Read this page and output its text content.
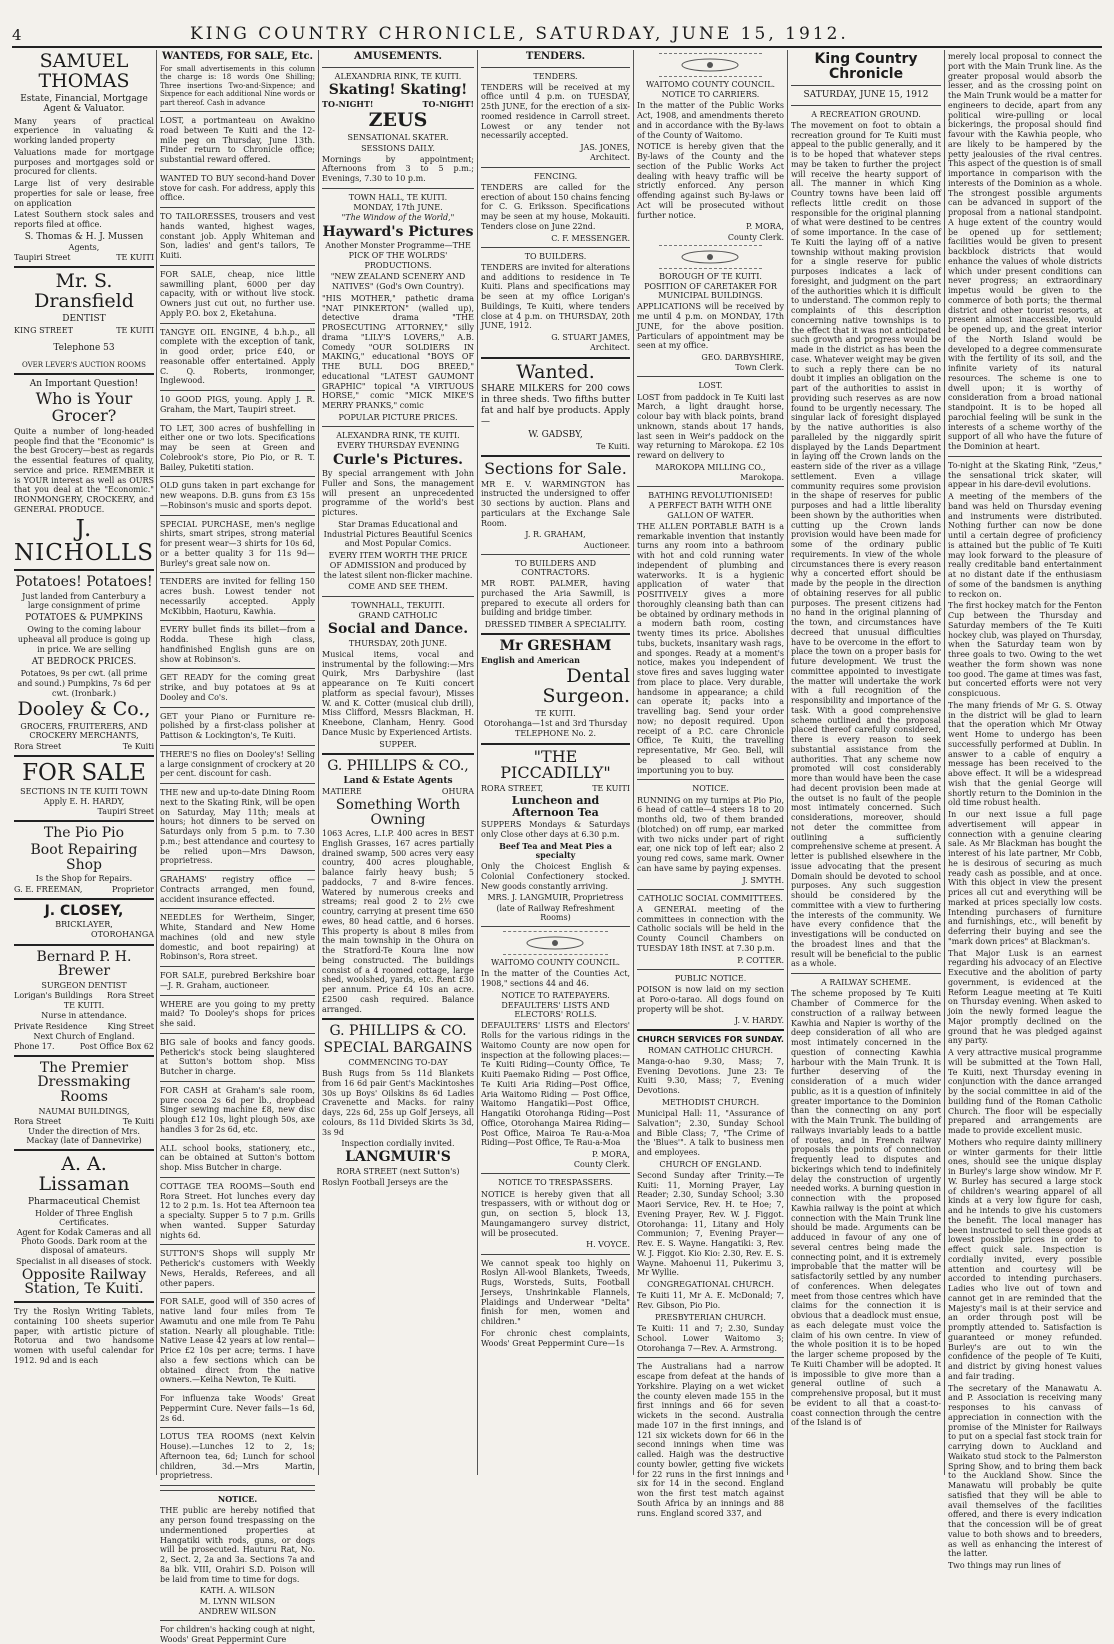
4	KING COUNTRY CHRONICLE, SATURDAY, JUNE 15, 1912.
SAMUEL THOMAS
Estate, Financial, Mortgage Agent & Valuator.
Many years of practical experience in valuating & working landed property
Valuations made for mortgage purposes and mortgages sold or procured for clients.
Large list of very desirable properties for sale or lease, free on application
Latest Southern stock sales and reports filed at office.
S. Thomas & H. J. Mussen
Agents,
Taupiri Street	TE KUITI
Mr. S. Dransfield
DENTIST
KING STREET	TE KUITI
Telephone 53
OVER LEVER'S AUCTION ROOMS
An Important Question!
Who is Your Grocer?
Quite a number of long-headed people find that the "Economic" is the best Grocery—best as regards the essential features of quality, service and price. REMEMBER it is YOUR interest as well as OURS that you deal at the "Economic." IRONMONGERY, CROCKERY, and GENERAL PRODUCE.
J. NICHOLLS
Potatoes! Potatoes!
Just landed from Canterbury a large consignment of prime
POTATOES & PUMPKINS
Owing to the coming labour upheaval all produce is going up in price. We are selling
AT BEDROCK PRICES.
Potatoes, 9s per cwt. (all prime and sound.) Pumpkins, 7s 6d per cwt. (Ironbark.)
Dooley & Co.,
GROCERS, FRUITERERS, AND CROCKERY MERCHANTS,
Rora Street	Te Kuiti
FOR SALE
SECTIONS IN TE KUITI TOWN
Apply E. H. HARDY,
Taupiri Street
The Pio Pio
Boot Repairing Shop
Is the Shop for Repairs.
G. E. FREEMAN,	Proprietor
J. CLOSEY,
BRICKLAYER,
OTOROHANGA
Bernard P. H. Brewer
SURGEON DENTIST
Lorigan's Buildings Rora Street
TE KUITI.
Nurse in attendance.
Private Residence	King Street
Next Church of England.
Phone 17.	Post Office Box 62
The Premier Dressmaking Rooms
NAUMAI BUILDINGS,
Rora Street	Te Kuiti
Under the direction of Mrs. Mackay (late of Dannevirke)
A. A. Lissaman
Pharmaceutical Chemist
Holder of Three English Certificates.
Agent for Kodak Cameras and all Photo Goods. Dark room at the disposal of amateurs.
Specialist in all diseases of stock.
Opposite Railway Station, Te Kuiti.
Try the Roslyn Writing Tablets, containing 100 sheets superior paper, with artistic picture of Rotorua and two handsome women with useful calendar for 1912. 9d and is each
WANTEDS, FOR SALE, Etc.
For small advertisements in this column the charge is: 18 words One Shilling; Three insertions Two-and-Sixpence; and Sixpence for each additional Nine words or part thereof. Cash in advance
LOST, a portmanteau on Awakino road between Te Kuiti and the 12-mile peg on Thursday, June 13th. Finder return to Chronicle office; substantial reward offered.
WANTED TO BUY second-hand Dover stove for cash. For address, apply this office.
TO TAILORESSES, trousers and vest hands wanted, highest wages, constant job. Apply Whiteman and Son, ladies' and gent's tailors, Te Kuiti.
FOR SALE, cheap, nice little sawmilling plant, 6000 per day capacity, with or without live stock. Owners just cut out, no further use. Apply P.O. box 2, Eketahuna.
TANGYE OIL ENGINE, 4 b.h.p., all complete with the exception of tank, in good order, price £40, or reasonable offer entertained. Apply C. Q. Roberts, ironmonger, Inglewood.
10 GOOD PIGS, young. Apply J. R. Graham, the Mart, Taupiri street.
TO LET, 300 acres of bushfelling in either one or two lots. Specifications may be seen at Green and Colebrook's store, Pio Pio, or R. T. Bailey, Puketiti station.
OLD guns taken in part exchange for new weapons. D.B. guns from £3 15s—Robinson's music and sports depot.
SPECIAL PURCHASE, men's neglige shirts, smart stripes, strong material for present wear—3 shirts for 10s 6d, or a better quality 3 for 11s 9d—Burley's great sale now on.
TENDERS are invited for felling 150 acres bush. Lowest tender not necessarily accepted. Apply McKibbin, Haoturu, Kawhia.
EVERY bullet finds its billet—from a Rodda. These high class, handfinished English guns are on show at Robinson's.
GET READY for the coming great strike, and buy potatoes at 9s at Dooley and Co's.
GET your Piano or Furniture re-polished by a first-class polisher at Pattison & Lockington's, Te Kuiti.
THERE'S no flies on Dooley's! Selling a large consignment of crockery at 20 per cent. discount for cash.
THE new and up-to-date Dining Room next to the Skating Rink, will be open on Saturday, May 11th; meals at hours; hot dinners to be served on Saturdays only from 5 p.m. to 7.30 p.m.; best attendance and courtesy to be relied upon—Mrs Dawson, proprietress.
GRAHAMS' registry office — Contracts arranged, men found, accident insurance effected.
NEEDLES for Wertheim, Singer, White, Standard and New Home machines (old and new style domestic, and boot repairing) at Robinson's, Rora street.
FOR SALE, purebred Berkshire boar—J. R. Graham, auctioneer.
WHERE are you going to my pretty maid? To Dooley's shops for prices she said.
BIG sale of books and fancy goods. Petherick's stock being slaughtered at Sutton's bottom shop. Miss Butcher in charge.
FOR CASH at Graham's sale room, pure cocoa 2s 6d per lb., dropbead Singer sewing machine £8, new disc plough £12 10s, light plough 50s, axe handles 3 for 2s 6d, etc.
ALL school books, stationery, etc., can be obtained at Sutton's bottom shop. Miss Butcher in charge.
COTTAGE TEA ROOMS—South end Rora Street. Hot lunches every day 12 to 2 p.m. 1s. Hot tea Afternoon tea a specialty. Supper 5 to 7 p.m. Grills when wanted. Supper Saturday nights 6d.
SUTTON'S Shops will supply Mr Petherick's customers with Weekly News, Heralds, Referees, and all other papers.
FOR SALE, good will of 350 acres of native land four miles from Te Awamutu and one mile from Te Pahu station. Nearly all ploughable. Title: Native Lease 42 years at low rental—Price £2 10s per acre; terms. I have also a few sections which can be obtained direct from the native owners.—Keiha Newton, Te Kuiti.
For influenza take Woods' Great Peppermint Cure. Never fails—1s 6d, 2s 6d.
LOTUS TEA ROOMS (next Kelvin House).—Lunches 12 to 2, 1s; Afternoon tea, 6d; Lunch for school children, 3d.—Mrs Martin, proprietress.
NOTICE.
THE public are hereby notified that any person found trespassing on the undermentioned properties at Hangatiki with rods, guns, or dogs will be prosecuted. Hauturu Rat, No. 2, Sect. 2, 2a and 3a. Sections 7a and 8a blk. VIII, Orahiri S.D. Poison will be laid from time to time for dogs.
KATH. A. WILSON
M. LYNN WILSON
ANDREW WILSON
For children's hacking cough at night, Woods' Great Peppermint Cure
AMUSEMENTS.
ALEXANDRIA RINK, TE KUITI.
Skating! Skating!
TO-NIGHT!	TO-NIGHT!
ZEUS
SENSATIONAL SKATER.
SESSIONS DAILY.
Mornings by appointment; Afternoons from 3 to 5 p.m.; Evenings, 7.30 to 10 p.m.
TOWN HALL, TE KUITI.
MONDAY, 17th JUNE.
"The Window of the World,"
Hayward's Pictures
Another Monster Programme—THE PICK OF THE WOLRDS' PRODUCTIONS.
"NEW ZEALAND SCENERY AND NATIVES" (God's Own Country).
"HIS MOTHER," pathetic drama "NAT PINKERTON" (walled up), detective drama "THE PROSECUTING ATTORNEY," silly drama "LILY'S LOVERS," A.B. Comedy "OUR SOLDIERS IN MAKING," educational "BOYS OF THE BULL DOG BREED," educational "LATEST GAUMONT GRAPHIC" topical "A VIRTUOUS HORSE," comic "MICK MIKE'S MERRY PRANKS," comic
POPULAR PICTURE PRICES.
ALEXANDRA RINK, TE KUITI.
EVERY THURSDAY EVENING
Curle's Pictures.
By special arrangement with John Fuller and Sons, the management will present an unprecedented programme of the world's best pictures.
Star Dramas Educational and Industrial Pictures Beautiful Scenics and Most Popular Comics.
EVERY ITEM WORTH THE PRICE OF ADMISSION and produced by the latest silent non-flicker machine.
COME AND SEE THEM.
TOWNHALL, TEKUITI.
GRAND CATHOLIC
Social and Dance.
THURSDAY, 20th JUNE.
Musical items, vocal and instrumental by the following:—Mrs Quirk, Mrs Darbyshire (last appearance on Te Kuiti concert platform as special favour), Misses W. and K. Cotter (musical club drill), Miss Clifford, Messrs Blackman, H. Kneebone, Clanham, Henry. Good Dance Music by Experienced Artists.
SUPPER.
G. PHILLIPS & CO.,
Land & Estate Agents
MATIERE	OHURA
Something Worth Owning
1063 Acres, L.I.P. 400 acres in BEST English Grasses, 167 acres partially drained swamp, 500 acres very easy country, 400 acres ploughable, balance fairly heavy bush; 5 paddocks, 7 and 8-wire fences. Watered by numerous creeks and streams; real good 2 to 2½ cwe country, carrying at present time 650 ewes, 80 head cattle, and 6 horses. This property is about 8 miles from the main township in the Ohura on the Stratford-Te Koura line now being constructed. The buildings consist of a 4 roomed cottage, large shed, woolshed, yards, etc. Rent £30 per annum. Price £4 10s an acre. £2500 cash required. Balance arranged.
G. PHILLIPS & CO.
SPECIAL BARGAINS
COMMENCING TO-DAY
Bush Rugs from 5s 11d Blankets from 16 6d pair Gent's Mackintoshes 30s up Boys' Oilskins 8s 6d Ladies Cravenette and Macks. for rainy days, 22s 6d, 25s up Golf Jerseys, all colours, 8s 11d Divided Skirts 3s 3d, 3s 9d
Inspection cordially invited.
LANGMUIR'S
RORA STREET (next Sutton's)
Roslyn Football Jerseys are the
TENDERS.
TENDERS.
TENDERS will be received at my office until 4 p.m. on TUESDAY, 25th JUNE, for the erection of a six-roomed residence in Carroll street. Lowest or any tender not necessarily accepted.
JAS. JONES,
Architect.
FENCING.
TENDERS are called for the erection of about 150 chains fencing for C. G. Eriksson. Specifications may be seen at my house, Mokauiti. Tenders close on June 22nd.
C. F. MESSENGER.
TO BUILDERS.
TENDERS are invited for alterations and additions to residence in Te Kuiti. Plans and specifications may be seen at my office Lorigan's Buildings, Te Kuiti, where tenders close at 4 p.m. on THURSDAY, 20th JUNE, 1912.
G. STUART JAMES,
Architect.
Wanted.
SHARE MILKERS for 200 cows in three sheds. Two fifths butter fat and half bye products. Apply—
W. GADSBY,
Te Kuiti.
Sections for Sale.
MR E. V. WARMINGTON has instructed the undersigned to offer 30 sections by auction. Plans and particulars at the Exchange Sale Room.
J. R. GRAHAM,
Auctioneer.
TO BUILDERS AND CONTRACTORS.
MR ROBT. PALMER, having purchased the Aria Sawmill, is prepared to execute all orders for building and bridge timber.
DRESSED TIMBER A SPECIALITY.
Mr GRESHAM
English and American
Dental Surgeon.
TE KUITI.
Otorohanga—1st and 3rd Thursday
TELEPHONE No. 2.
"THE PICCADILLY"
RORA STREET,	TE KUITI
Luncheon and Afternoon Tea
SUPPERS Mondays & Saturdays only Close other days at 6.30 p.m.
Beef Tea and Meat Pies a specialty
Only the Choicest English & Colonial Confectionery stocked. New goods constantly arriving.
MRS. J. LANGMUIR, Proprietress
(late of Railway Refreshment Rooms)
WAITOMO COUNTY COUNCIL.
In the matter of the Counties Act, 1908," sections 44 and 46.
NOTICE TO RATEPAYERS.
DEFAULTERS' LISTS AND ELECTORS' ROLLS.
DEFAULTERS' LISTS and Electors' Rolls for the various ridings in the Waitomo County are now open for inspection at the following places:— Te Kuiti Riding—County Office, Te Kuiti Paemako Riding — Post Office, Te Kuiti Aria Riding—Post Office, Aria Waitomo Riding — Post Office, Waitomo Hangatiki—Post Office, Hangatiki Otorohanga Riding—Post Office, Otorohanga Mairea Riding—Post Office, Mairoa Te Rau-a-Moa Riding—Post Office, Te Rau-a-Moa
P. MORA,
County Clerk.
NOTICE TO TRESPASSERS.
NOTICE is hereby given that all trespassers, with or without dog or gun, on section 5, block 13, Maungamangero survey district, will be prosecuted.
H. VOYCE.
We cannot speak too highly on Roslyn All-wool Blankets, Tweeds, Rugs, Worsteds, Suits, Football Jerseys, Unshrinkable Flannels, Plaidings and Underwear "Delta" finish for men, women and children."
For chronic chest complaints, Woods' Great Peppermint Cure—1s
WAITOMO COUNTY COUNCIL.
NOTICE TO CARRIERS.
In the matter of the Public Works Act, 1908, and amendments thereto and in accordance with the By-laws of the County of Waitomo.
NOTICE is hereby given that the By-laws of the County and the section of the Public Works Act dealing with heavy traffic will be strictly enforced. Any person offending against such By-laws or Act will be prosecuted without further notice.
P. MORA,
County Clerk.
BOROUGH OF TE KUITI.
POSITION OF CARETAKER FOR MUNICIPAL BUILDINGS.
APPLICATIONS will be received by me until 4 p.m. on MONDAY, 17th JUNE, for the above position. Particulars of appointment may be seen at my office.
GEO. DARBYSHIRE,
Town Clerk.
LOST.
LOST from paddock in Te Kuiti last March, a light draught horse, colour bay with black points, brand unknown, stands about 17 hands, last seen in Weir's paddock on the way returning to Marokopa. £2 10s reward on delivery to
MAROKOPA MILLING CO.,
Marokopa.
BATHING REVOLUTIONISED!
A PERFECT BATH WITH ONE GALLON OF WATER.
THE ALLEN PORTABLE BATH is a remarkable invention that instantly turns any room into a bathroom with hot and cold running water independent of plumbing and waterworks. It is a hygienic application of water that POSITIVELY gives a more thoroughly cleansing bath than can be obtained by ordinary methods in a modern bath room, costing twenty times its price. Abolishes tubs, buckets, insanitary wash rags, and sponges. Ready at a moment's notice, makes you independent of stove fires and saves lugging water from place to place. Very durable, handsome in appearance; a child can operate it; packs into a travelling bag. Send your order now; no deposit required. Upon receipt of a P.C. care Chronicle Office, Te Kuiti, the travelling representative, Mr Geo. Bell, will be pleased to call without importuning you to buy.
NOTICE.
RUNNING on my turnips at Pio Pio, 6 head of cattle—4 steers 18 to 20 months old, two of them branded (blotched) on off rump, ear marked with two nicks under part of right ear, one nick top of left ear; also 2 young red cows, same mark. Owner can have same by paying expenses.
J. SMYTH.
CATHOLIC SOCIAL COMMITTEES.
A GENERAL meeting of the committees in connection with the Catholic socials will be held in the County Council Chambers on TUESDAY 18th INST. at 7.30 p.m.
P. COTTER.
PUBLIC NOTICE.
POISON is now laid on my section at Poro-o-tarao. All dogs found on property will be shot.
J. V. HARDY.
CHURCH SERVICES FOR SUNDAY.
ROMAN CATHOLIC CHURCH.
Manga-o-hao 9.30, Mass; 7, Evening Devotions. June 23: Te Kuiti 9.30, Mass; 7, Evening Devotions.
METHODIST CHURCH.
Municipal Hall: 11, "Assurance of Salvation"; 2.30, Sunday School and Bible Class; 7, "The Crime of the 'Blues'". A talk to business men and employees.
CHURCH OF ENGLAND.
Second Sunday after Trinity.—Te Kuiti: 11, Morning Prayer, Lay Reader; 2.30, Sunday School; 3.30 Maori Service, Rev. H. te Hoe; 7, Evening Prayer, Rev. W. J. Figgot. Otorohanga: 11, Litany and Holy Communion; 7, Evening Prayer—Rev. E. S. Wayne. Hangatiki: 3, Rev. W. J. Figgot. Kio Kio: 2.30, Rev. E. S. Wayne. Mahoenui 11, Pukerimu 3, Mr Wyllie.
CONGREGATIONAL CHURCH.
Te Kuiti 11, Mr A. E. McDonald; 7, Rev. Gibson, Pio Pio.
PRESBYTERIAN CHURCH.
Te Kuiti: 11 and 7; 2.30, Sunday School. Lower Waitomo 3; Otorohanga 7—Rev. A. Armstrong.
The Australians had a narrow escape from defeat at the hands of Yorkshire. Playing on a wet wicket the county eleven made 155 in the first innings and 66 for seven wickets in the second. Australia made 107 in the first innings, and 121 six wickets down for 66 in the second innings when time was called. Haigh was the destructive county bowler, getting five wickets for 22 runs in the first innings and six for 14 in the second. England won the first test match against South Africa by an innings and 88 runs. England scored 337, and
King Country Chronicle
SATURDAY, JUNE 15, 1912
A RECREATION GROUND.
The movement on foot to obtain a recreation ground for Te Kuiti must appeal to the public generally, and it is to be hoped that whatever steps may be taken to further the project will receive the hearty support of all. The manner in which King Country towns have been laid off reflects little credit on those responsible for the original planning of what were destined to be centres of some importance. In the case of Te Kuiti the laying off of a native township without making provision for a single reserve for public purposes indicates a lack of foresight, and judgment on the part of the authorities which it is difficult to understand. The common reply to complaints of this description concerning native townships is to the effect that it was not anticipated such growth and progress would be made in the district as has been the case. Whatever weight may be given to such a reply there can be no doubt it implies an obligation on the part of the authorities to assist in providing such reserves as are now found to be urgently necessary. The singular lack of foresight displayed by the native authorities is also paralleled by the niggardly spirit displayed by the Lands Department in laying off the Crown lands on the eastern side of the river as a village settlement. Even a village community requires some provision in the shape of reserves for public purposes and had a little liberality been shown by the authorities when cutting up the Crown lands provision would have been made for some of the ordinary public requirements. In view of the whole circumstances there is every reason why a concerted effort should be made by the people in the direction of obtaining reserves for all public purposes. The present citizens had no hand in the original planning of the town, and circumstances have decreed that unusual difficulties have to be overcome in the effort to place the town on a proper basis for future development. We trust the committee appointed to investigate the matter will undertake the work with a full recognition of the responsibility and importance of the task. With a good comprehensive scheme outlined and the proposal placed thereof carefully considered, there is every reason to seek substantial assistance from the authorities. That any scheme now promoted will cost considerably more than would have been the case had decent provision been made at the outset is no fault of the people most intimately concerned. Such considerations, moreover, should not deter the committee from outlining a sufficiently comprehensive scheme at present. A letter is published elsewhere in the issue advocating that the present Domain should be devoted to school purposes. Any such suggestion should be considered by the committee with a view to furthering the interests of the community. We have every confidence that the investigations will be conducted on the broadest lines and that the result will be beneficial to the public as a whole.
A RAILWAY SCHEME.
The scheme proposed by Te Kuiti Chamber of Commerce for the construction of a railway between Kawhia and Napier is worthy of the deep consideration of all who are most intimately concerned in the question of connecting Kawhia harbour with the Main Trunk. It is further deserving of the consideration of a much wider public, as it is a question of infinitely greater importance to the Dominion than the connecting on any port with the Main Trunk. The building of railways invariably leads to a battle of routes, and in French railway proposals the points of connection frequently lead to disputes and bickerings which tend to indefinitely delay the construction of urgently needed works. A burning question in connection with the proposed Kawhia railway is the point at which connection with the Main Trunk line should be made. Arguments can be adduced in favour of any one of several centres being made the connecting point, and it is extremely improbable that the matter will be satisfactorily settled by any number of conferences. When delegates meet from those centres which have claims for the connection it is obvious that a deadlock must ensue, as each delegate must voice the claim of his own centre. In view of the whole position it is to be hoped the larger scheme proposed by the Te Kuiti Chamber will be adopted. It is impossible to give more than a general outline of such a comprehensive proposal, but it must be evident to all that a coast-to-coast connection through the centre of the Island is of
merely local proposal to connect the port with the Main Trunk line. As the greater proposal would absorb the lesser, and as the crossing point on the Main Trunk would be a matter for engineers to decide, apart from any political wire-pulling or local bickerings, the proposal should find favour with the Kawhia people, who are likely to be hampered by the petty jealousies of the rival centres. This aspect of the question is of small importance in comparison with the interests of the Dominion as a whole. The strongest possible arguments can be advanced in support of the proposal from a national standpoint. A huge extent of the country would be opened up for settlement; facilities would be given to present backblock districts that would enhance the values of whole districts which under present conditions can never progress; an extraordinary impetus would be given to the commerce of both ports; the thermal district and other tourist resorts, at present almost inaccessible, would be opened up, and the great interior of the North Island would be developed to a degree commensurate with the fertility of its soil, and the infinite variety of its natural resources. The scheme is one to dwell upon; it is worthy of consideration from a broad national standpoint. It is to be hoped all parochial feeling will be sunk in the interests of a scheme worthy of the support of all who have the future of the Dominion at heart.
To-night at the Skating Rink, "Zeus," the sensational trick skater, will appear in his dare-devil evolutions.
A meeting of the members of the band was held on Thursday evening and instruments were distributed. Nothing further can now be done until a certain degree of proficiency is attained but the public of Te Kuiti may look forward to the pleasure of really creditable band entertainment at no distant date if the enthusiasm of some of the bandsmen is anything to reckon on.
The first hockey match for the Fenton Cup between the Thursday and Saturday members of the Te Kuiti hockey club, was played on Thursday, when the Saturday team won by three goals to two. Owing to the wet weather the form shown was none too good. The game at times was fast, but concerted efforts were not very conspicuous.
The many friends of Mr G. S. Otway in the district will be glad to learn that the operation which Mr Otway went Home to undergo has been successfully performed at Dublin. In answer to a cable of enquiry a message has been received to the above effect. It will be a widespread wish that the genial George will shortly return to the Dominion in the old time robust health.
In our next issue a full page advertisement will appear in connection with a genuine clearing sale. As Mr Blackman has bought the interest of his late partner, Mr Cobb, he is desirous of securing as much ready cash as possible, and at once. With this object in view the present prices all cut and everything will be marked at prices specially low costs. Intending purchasers of furniture and furnishings, etc., will benefit by deferring their buying and see the "mark down prices" at Blackman's.
That Major Lusk is an earnest regarding his advocacy of an Elective Executive and the abolition of party government, is evidenced at the Reform League meeting at Te Kuiti on Thursday evening. When asked to join the newly formed league the Major promptly declined on the ground that he was pledged against any party.
A very attractive musical programme will be submitted at the Town Hall, Te Kuiti, next Thursday evening in conjunction with the dance arranged by the social committee in aid of the building fund of the Roman Catholic Church. The floor will be especially prepared and arrangements are made to provide excellent music.
Mothers who require dainty millinery or winter garments for their little ones, should see the unique display in Burley's large show window. Mr F. W. Burley has secured a large stock of children's wearing apparel of all kinds at a very low figure for cash, and he intends to give his customers the benefit. The local manager has been instructed to sell these goods at lowest possible prices in order to effect quick sale. Inspection is cordially invited, every possible attention and courtesy will be accorded to intending purchasers. Ladies who live out of town and cannot get in are reminded that the Majesty's mail is at their service and an order through post will be promptly attended to. Satisfaction is guaranteed or money refunded. Burley's are out to win the confidence of the people of Te Kuiti, and district by giving honest values and fair trading.
The secretary of the Manawatu A. and P. Association is receiving many responses to his canvass of appreciation in connection with the promise of the Minister for Railways to put on a special fast stock train for carrying down to Auckland and Waikato stud stock to the Palmerston Spring Show, and to bring them back to the Auckland Show. Since the Manawatu will probably be quite satisfied that they will be able to avail themselves of the facilities offered, and there is every indication that the concession will be of great value to both shows and to breeders, as well as enhancing the interest of the latter.
Two things may run lines of
